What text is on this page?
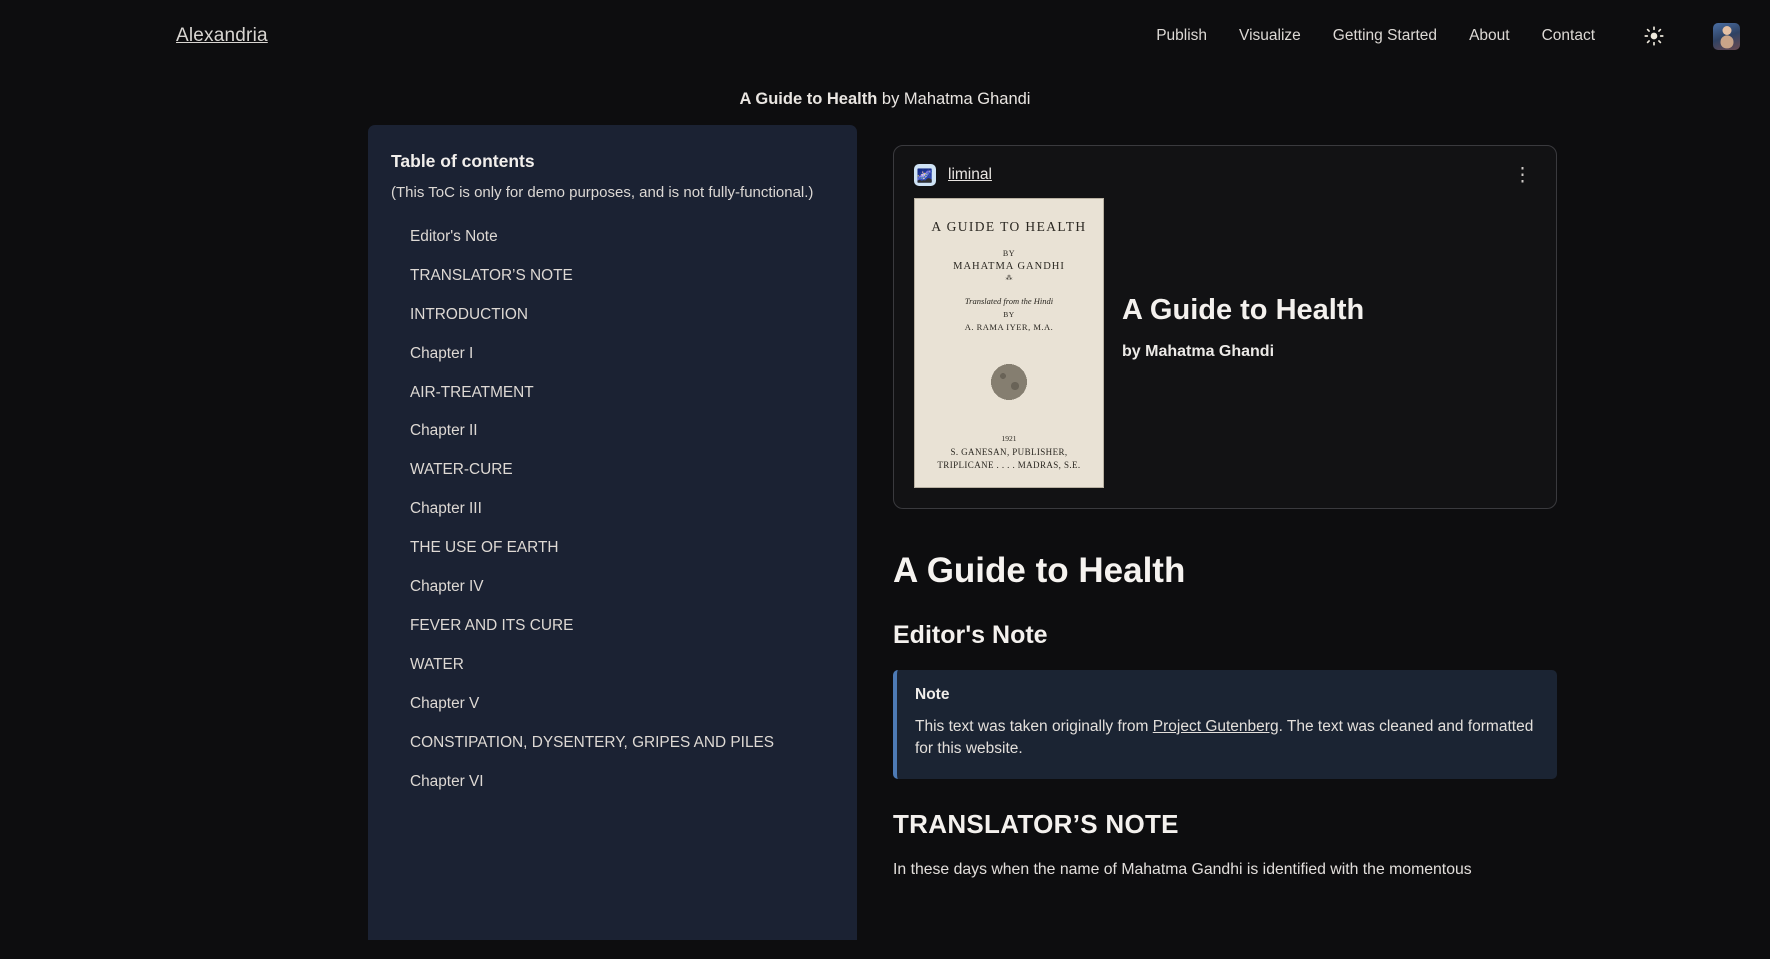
Alexandria	Publish Visualize Getting Started About Contact
A Guide to Health by Mahatma Ghandi
Table of contents

(This ToC is only for demo purposes, and is not fully-functional.)

Editor's Note
TRANSLATOR’S NOTE
INTRODUCTION
Chapter I
AIR-TREATMENT
Chapter II
WATER-CURE
Chapter III
THE USE OF EARTH
Chapter IV
FEVER AND ITS CURE
WATER
Chapter V
CONSTIPATION, DYSENTERY, GRIPES AND PILES
Chapter VI
🌌 liminal	⋮
A GUIDE TO HEALTH
BY
MAHATMA GANDHI
⁂
Translated from the Hindi
BY
A. RAMA IYER, M.A.
1921
S. GANESAN, PUBLISHER,
TRIPLICANE . . . . MADRAS, S.E.

A Guide to Health

by Mahatma Ghandi

A Guide to Health
Editor's Note
Note
This text was taken originally from Project Gutenberg. The text was cleaned and formatted for this website.
TRANSLATOR’S NOTE

In these days when the name of Mahatma Gandhi is identified with the momentous
